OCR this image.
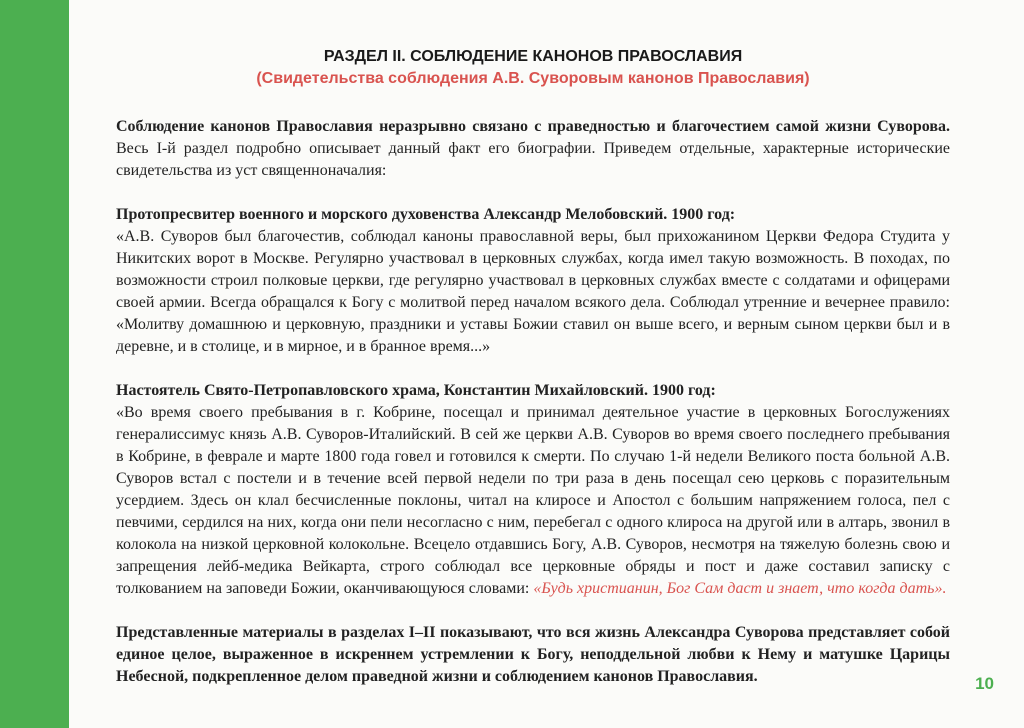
РАЗДЕЛ II. СОБЛЮДЕНИЕ КАНОНОВ ПРАВОСЛАВИЯ
(Свидетельства соблюдения А.В. Суворовым канонов Православия)

Соблюдение канонов Православия неразрывно связано с праведностью и благочестием самой жизни Суворова. Весь I-й раздел подробно описывает данный факт его биографии. Приведем отдельные, характерные исторические свидетельства из уст священноначалия:

Протопресвитер военного и морского духовенства Александр Мелобовский. 1900 год:

«А.В. Суворов был благочестив, соблюдал каноны православной веры, был прихожанином Церкви Федора Студита у Никитских ворот в Москве. Регулярно участвовал в церковных службах, когда имел такую возможность. В походах, по возможности строил полковые церкви, где регулярно участвовал в церковных службах вместе с солдатами и офицерами своей армии. Всегда обращался к Богу с молитвой перед началом всякого дела. Соблюдал утренние и вечернее правило: «Молитву домашнюю и церковную, праздники и уставы Божии ставил он выше всего, и верным сыном церкви был и в деревне, и в столице, и в мирное, и в бранное время...»

Настоятель Свято-Петропавловского храма, Константин Михайловский. 1900 год:

«Во время своего пребывания в г. Кобрине, посещал и принимал деятельное участие в церковных Богослужениях генералиссимус князь А.В. Суворов-Италийский. В сей же церкви А.В. Суворов во время своего последнего пребывания в Кобрине, в феврале и марте 1800 года говел и готовился к смерти. По случаю 1-й недели Великого поста больной А.В. Суворов встал с постели и в течение всей первой недели по три раза в день посещал сею церковь с поразительным усердием. Здесь он клал бесчисленные поклоны, читал на клиросе и Апостол с большим напряжением голоса, пел с певчими, сердился на них, когда они пели несогласно с ним, перебегал с одного клироса на другой или в алтарь, звонил в колокола на низкой церковной колокольне. Всецело отдавшись Богу, А.В. Суворов, несмотря на тяжелую болезнь свою и запрещения лейб-медика Вейкарта, строго соблюдал все церковные обряды и пост и даже составил записку с толкованием на заповеди Божии, оканчивающуюся словами: «Будь христианин, Бог Сам даст и знает, что когда дать».

Представленные материалы в разделах I–II показывают, что вся жизнь Александра Суворова представляет собой единое целое, выраженное в искреннем устремлении к Богу, неподдельной любви к Нему и матушке Царицы Небесной, подкрепленное делом праведной жизни и соблюдением канонов Православия.	10
